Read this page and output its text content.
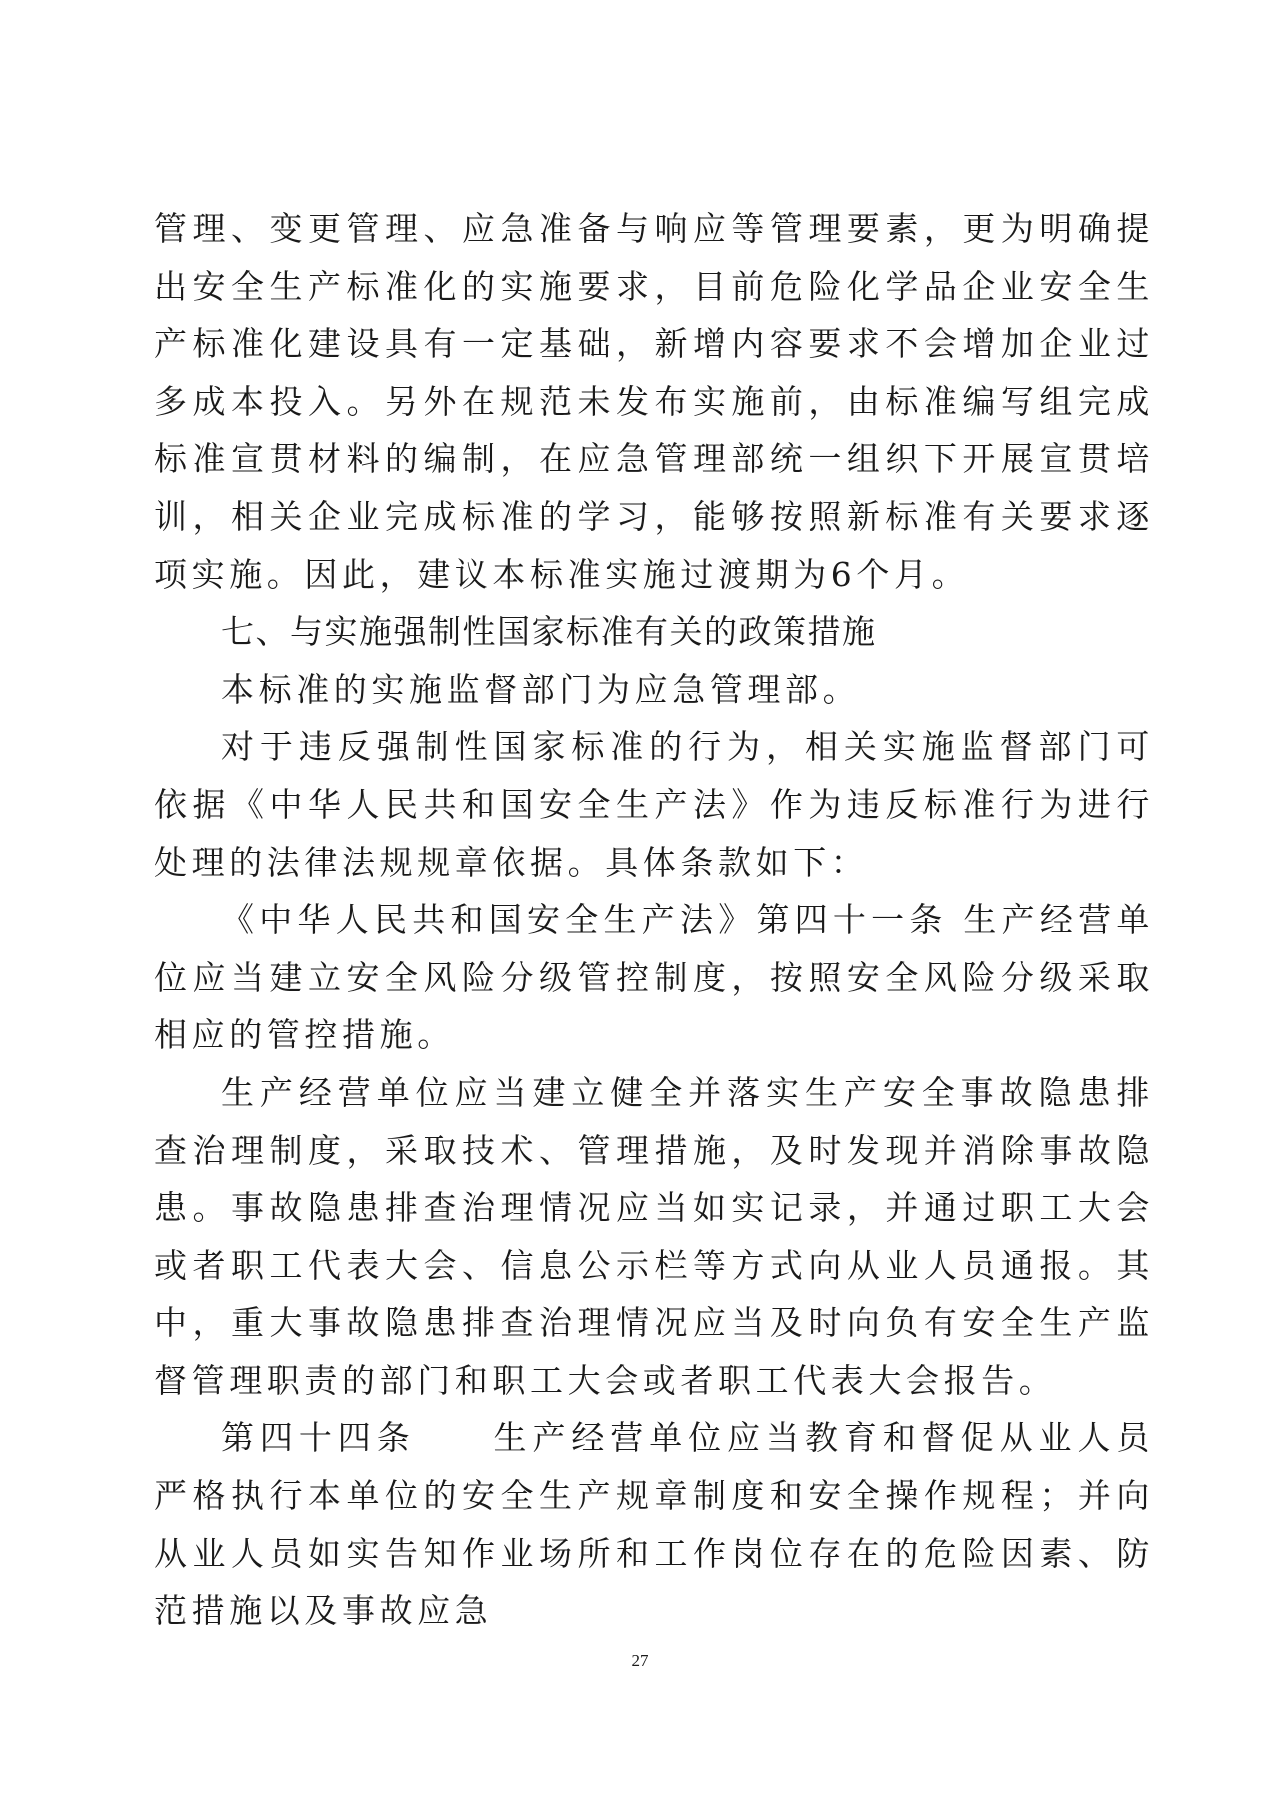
管理、变更管理、应急准备与响应等管理要素，更为明确提出安全生产标准化的实施要求，目前危险化学品企业安全生产标准化建设具有一定基础，新增内容要求不会增加企业过多成本投入。另外在规范未发布实施前，由标准编写组完成标准宣贯材料的编制，在应急管理部统一组织下开展宣贯培训，相关企业完成标准的学习，能够按照新标准有关要求逐项实施。因此，建议本标准实施过渡期为6个月。

七、与实施强制性国家标准有关的政策措施

本标准的实施监督部门为应急管理部。

对于违反强制性国家标准的行为，相关实施监督部门可依据《中华人民共和国安全生产法》作为违反标准行为进行处理的法律法规规章依据。具体条款如下：

《中华人民共和国安全生产法》第四十一条 生产经营单位应当建立安全风险分级管控制度，按照安全风险分级采取相应的管控措施。

生产经营单位应当建立健全并落实生产安全事故隐患排查治理制度，采取技术、管理措施，及时发现并消除事故隐患。事故隐患排查治理情况应当如实记录，并通过职工大会或者职工代表大会、信息公示栏等方式向从业人员通报。其中，重大事故隐患排查治理情况应当及时向负有安全生产监督管理职责的部门和职工大会或者职工代表大会报告。

第四十四条　　生产经营单位应当教育和督促从业人员严格执行本单位的安全生产规章制度和安全操作规程；并向从业人员如实告知作业场所和工作岗位存在的危险因素、防范措施以及事故应急

27
